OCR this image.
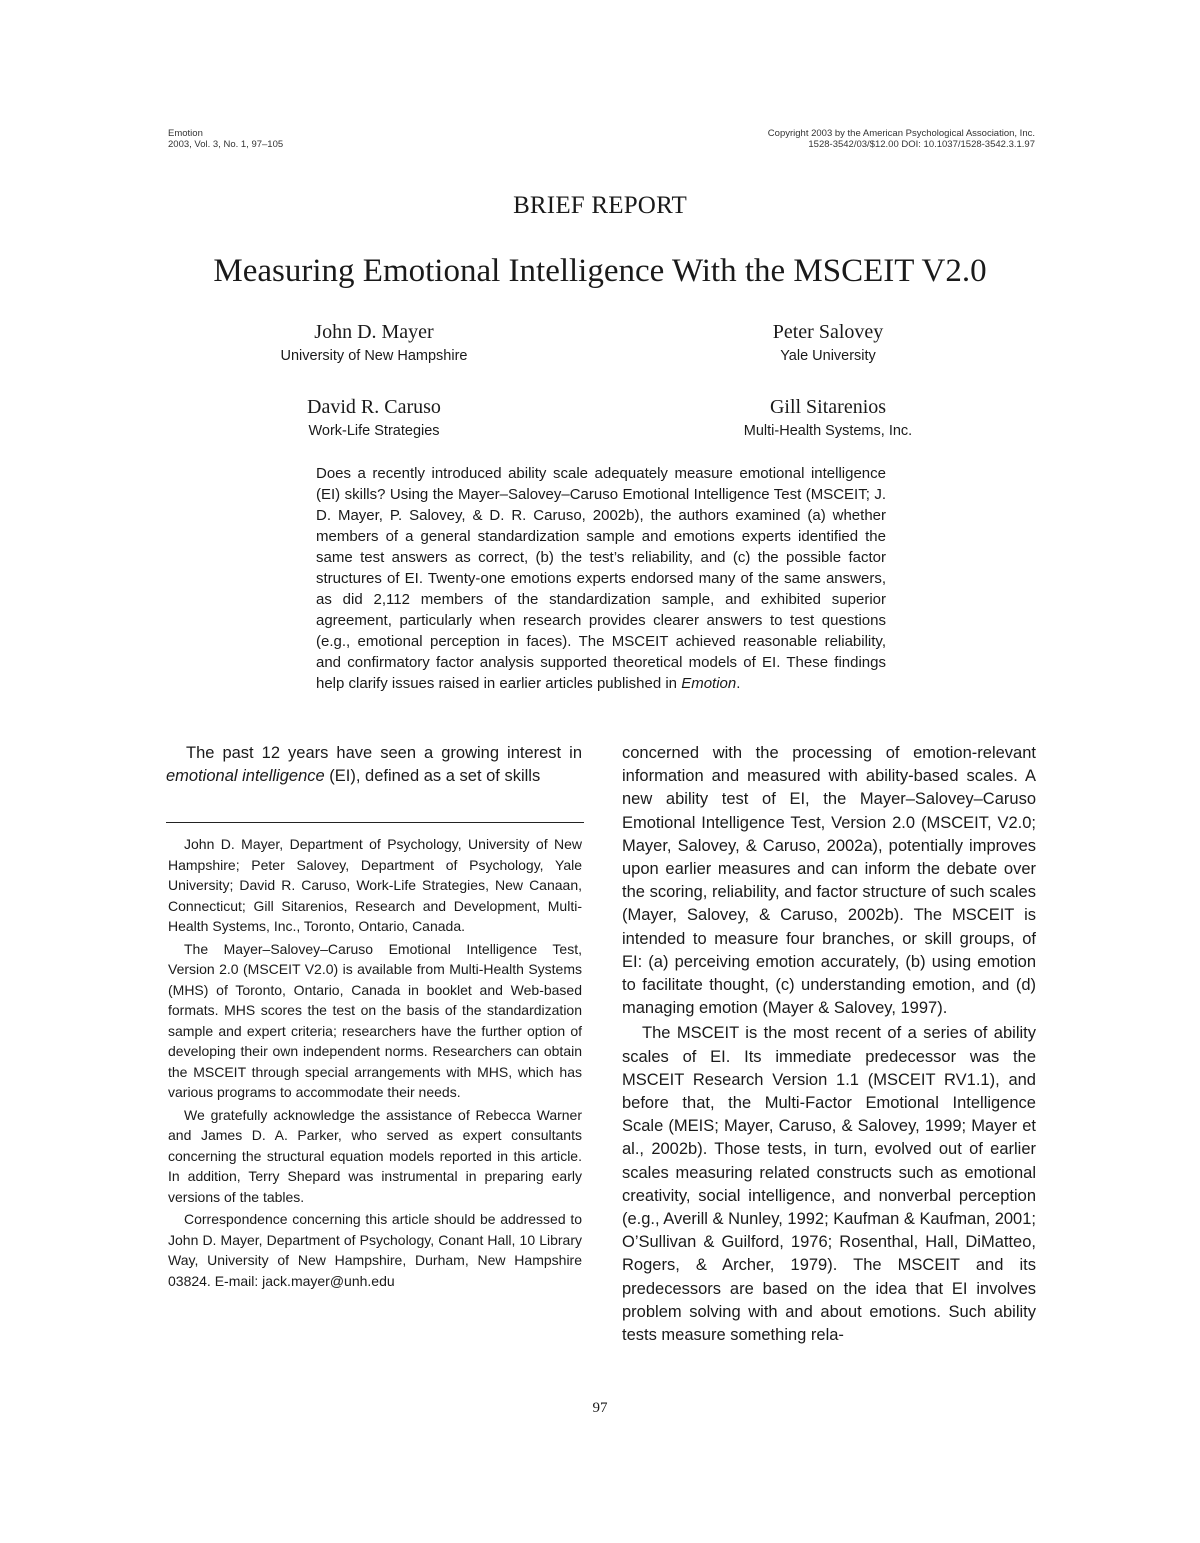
Emotion
2003, Vol. 3, No. 1, 97–105
Copyright 2003 by the American Psychological Association, Inc.
1528-3542/03/$12.00 DOI: 10.1037/1528-3542.3.1.97
BRIEF REPORT
Measuring Emotional Intelligence With the MSCEIT V2.0
John D. Mayer
University of New Hampshire
Peter Salovey
Yale University
David R. Caruso
Work-Life Strategies
Gill Sitarenios
Multi-Health Systems, Inc.
Does a recently introduced ability scale adequately measure emotional intelligence (EI) skills? Using the Mayer–Salovey–Caruso Emotional Intelligence Test (MSCEIT; J. D. Mayer, P. Salovey, & D. R. Caruso, 2002b), the authors examined (a) whether members of a general standardization sample and emotions experts identified the same test answers as correct, (b) the test’s reliability, and (c) the possible factor structures of EI. Twenty-one emotions experts endorsed many of the same answers, as did 2,112 members of the standardization sample, and exhibited superior agreement, particularly when research provides clearer answers to test questions (e.g., emotional perception in faces). The MSCEIT achieved reasonable reliability, and confirmatory factor analysis supported theoretical models of EI. These findings help clarify issues raised in earlier articles published in Emotion.

The past 12 years have seen a growing interest in emotional intelligence (EI), defined as a set of skills

John D. Mayer, Department of Psychology, University of New Hampshire; Peter Salovey, Department of Psychology, Yale University; David R. Caruso, Work-Life Strategies, New Canaan, Connecticut; Gill Sitarenios, Research and Development, Multi-Health Systems, Inc., Toronto, Ontario, Canada.

The Mayer–Salovey–Caruso Emotional Intelligence Test, Version 2.0 (MSCEIT V2.0) is available from Multi-Health Systems (MHS) of Toronto, Ontario, Canada in booklet and Web-based formats. MHS scores the test on the basis of the standardization sample and expert criteria; researchers have the further option of developing their own independent norms. Researchers can obtain the MSCEIT through special arrangements with MHS, which has various programs to accommodate their needs.

We gratefully acknowledge the assistance of Rebecca Warner and James D. A. Parker, who served as expert consultants concerning the structural equation models reported in this article. In addition, Terry Shepard was instrumental in preparing early versions of the tables.

Correspondence concerning this article should be addressed to John D. Mayer, Department of Psychology, Conant Hall, 10 Library Way, University of New Hampshire, Durham, New Hampshire 03824. E-mail: jack.mayer@unh.edu

concerned with the processing of emotion-relevant information and measured with ability-based scales. A new ability test of EI, the Mayer–Salovey–Caruso Emotional Intelligence Test, Version 2.0 (MSCEIT, V2.0; Mayer, Salovey, & Caruso, 2002a), potentially improves upon earlier measures and can inform the debate over the scoring, reliability, and factor structure of such scales (Mayer, Salovey, & Caruso, 2002b). The MSCEIT is intended to measure four branches, or skill groups, of EI: (a) perceiving emotion accurately, (b) using emotion to facilitate thought, (c) understanding emotion, and (d) managing emotion (Mayer & Salovey, 1997).

The MSCEIT is the most recent of a series of ability scales of EI. Its immediate predecessor was the MSCEIT Research Version 1.1 (MSCEIT RV1.1), and before that, the Multi-Factor Emotional Intelligence Scale (MEIS; Mayer, Caruso, & Salovey, 1999; Mayer et al., 2002b). Those tests, in turn, evolved out of earlier scales measuring related constructs such as emotional creativity, social intelligence, and nonverbal perception (e.g., Averill & Nunley, 1992; Kaufman & Kaufman, 2001; O’Sullivan & Guilford, 1976; Rosenthal, Hall, DiMatteo, Rogers, & Archer, 1979). The MSCEIT and its predecessors are based on the idea that EI involves problem solving with and about emotions. Such ability tests measure something rela-

97
